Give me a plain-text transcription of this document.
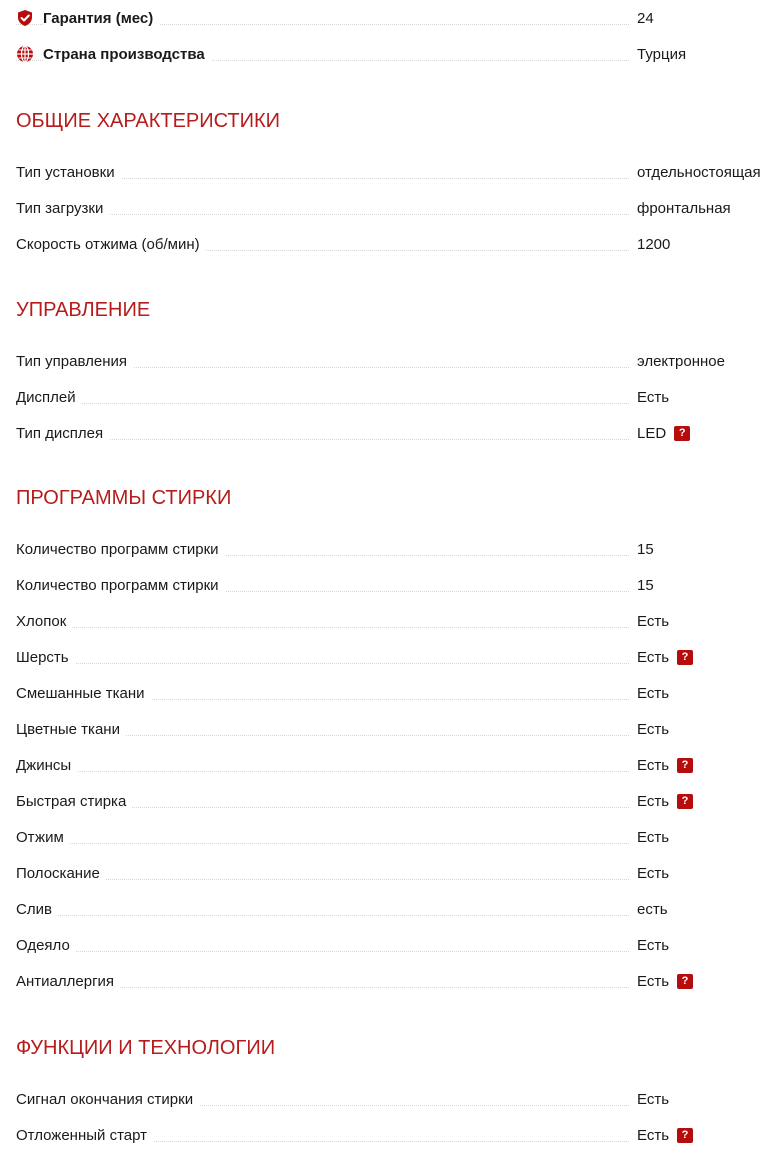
Гарантия (мес)	24
Страна производства	Турция
ОБЩИЕ ХАРАКТЕРИСТИКИ
Тип установки	отдельностоящая
Тип загрузки	фронтальная
Скорость отжима (об/мин)	1200
УПРАВЛЕНИЕ
Тип управления	электронное
Дисплей	Есть
Тип дисплея	LED	?
ПРОГРАММЫ СТИРКИ
Количество программ стирки	15
Количество программ стирки	15
Хлопок	Есть
Шерсть	Есть	?
Смешанные ткани	Есть
Цветные ткани	Есть
Джинсы	Есть	?
Быстрая стирка	Есть	?
Отжим	Есть
Полоскание	Есть
Слив	есть
Одеяло	Есть
Антиаллергия	Есть	?
ФУНКЦИИ И ТЕХНОЛОГИИ
Сигнал окончания стирки	Есть
Отложенный старт	Есть	?
